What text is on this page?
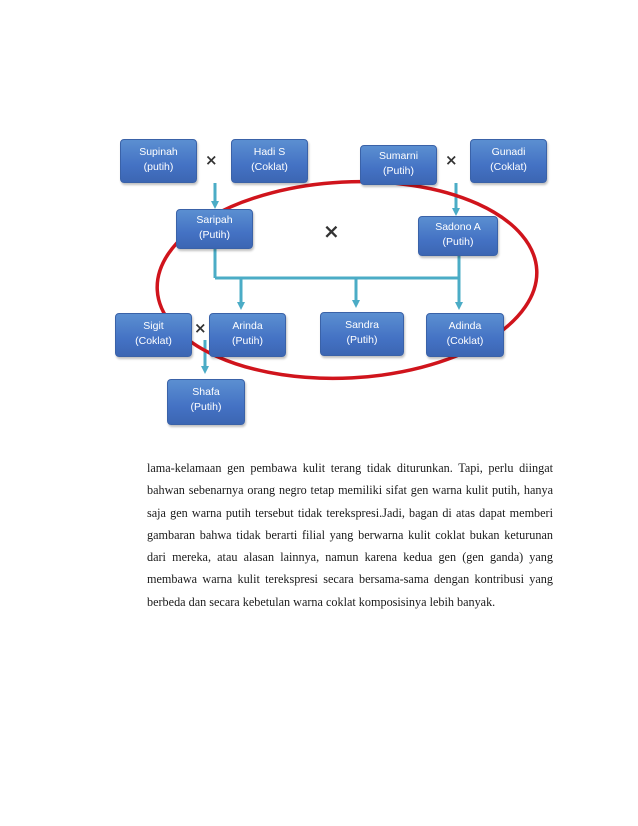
Supinah
(putih)	⨯	Hadi S
(Coklat)
Sumarni
(Putih)
⨯	Gunadi
(Coklat)
Saripah
(Putih)	⨯	Sadono A
(Putih)
Sigit
(Coklat)
⨯	Arinda
(Putih)
Sandra
(Putih)
Adinda
(Coklat)
Shafa
(Putih)

lama-kelamaan gen pembawa kulit terang tidak diturunkan. Tapi, perlu diingat bahwan sebenarnya orang negro tetap memiliki sifat gen warna kulit putih, hanya saja gen warna putih tersebut tidak terekspresi.Jadi, bagan di atas dapat memberi gambaran bahwa tidak berarti filial yang berwarna kulit coklat bukan keturunan dari mereka, atau alasan lainnya, namun karena kedua gen (gen ganda) yang membawa warna kulit terekspresi secara bersama-sama dengan kontribusi yang berbeda dan secara kebetulan warna coklat komposisinya lebih banyak.
